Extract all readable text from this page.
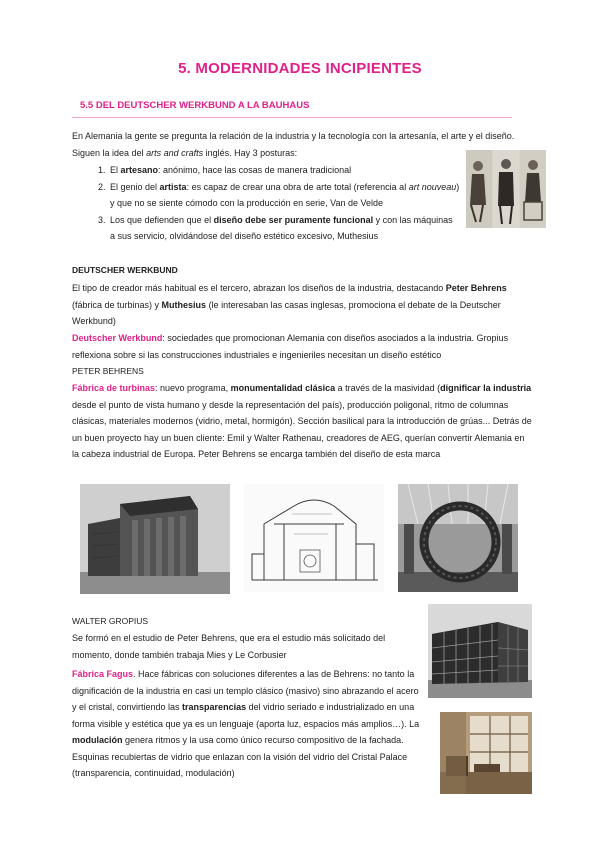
5. MODERNIDADES INCIPIENTES
5.5 DEL DEUTSCHER WERKBUND A LA BAUHAUS
En Alemania la gente se pregunta la relación de la industria y la tecnología con la artesanía, el arte y el diseño. Siguen la idea del arts and crafts inglés. Hay 3 posturas:
1. El artesano: anónimo, hace las cosas de manera tradicional
2. El genio del artista: es capaz de crear una obra de arte total (referencia al art nouveau) y que no se siente cómodo con la producción en serie, Van de Velde
3. Los que defienden que el diseño debe ser puramente funcional y con las máquinas a sus servicio, olvidándose del diseño estético excesivo, Muthesius
DEUTSCHER WERKBUND
El tipo de creador más habitual es el tercero, abrazan los diseños de la industria, destacando Peter Behrens (fábrica de turbinas) y Muthesius (le interesaban las casas inglesas, promociona el debate de la Deutscher Werkbund)
Deutscher Werkbund: sociedades que promocionan Alemania con diseños asociados a la industria. Gropius reflexiona sobre si las construcciones industriales e ingenieriles necesitan un diseño estético
PETER BEHRENS
Fábrica de turbinas: nuevo programa, monumentalidad clásica a través de la masividad (dignificar la industria desde el punto de vista humano y desde la representación del país), producción poligonal, ritmo de columnas clásicas, materiales modernos (vidrio, metal, hormigón). Sección basilical para la introducción de grúas... Detrás de un buen proyecto hay un buen cliente: Emil y Walter Rathenau, creadores de AEG, querían convertir Alemania en la cabeza industrial de Europa. Peter Behrens se encarga también del diseño de esta marca
WALTER GROPIUS
Se formó en el estudio de Peter Behrens, que era el estudio más solicitado del momento, donde también trabaja Mies y Le Corbusier
Fábrica Fagus. Hace fábricas con soluciones diferentes a las de Behrens: no tanto la dignificación de la industria en casi un templo clásico (masivo) sino abrazando el acero y el cristal, convirtiendo las transparencias del vidrio seriado e industrializado en una forma visible y estética que ya es un lenguaje (aporta luz, espacios más amplios…). La modulación genera ritmos y la usa como único recurso compositivo de la fachada. Esquinas recubiertas de vidrio que enlazan con la visión del vidrio del Cristal Palace (transparencia, continuidad, modulación)
